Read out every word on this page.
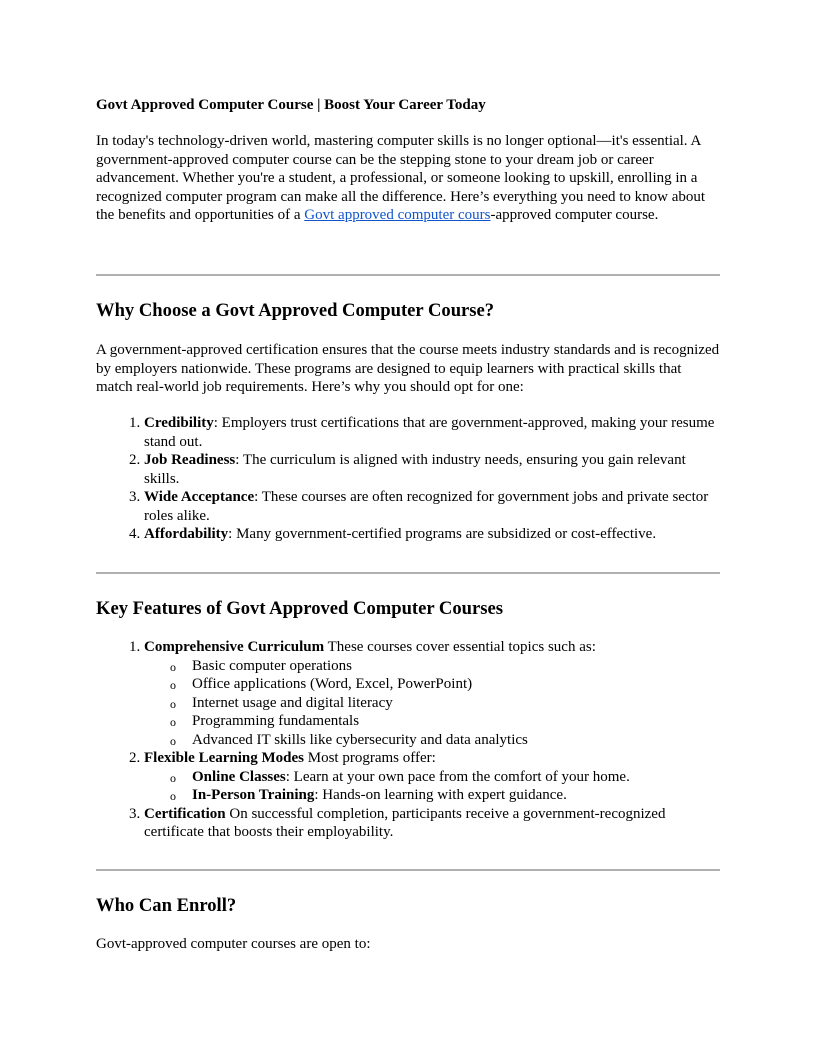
Govt Approved Computer Course | Boost Your Career Today

In today's technology-driven world, mastering computer skills is no longer optional—it's essential. A government-approved computer course can be the stepping stone to your dream job or career advancement. Whether you're a student, a professional, or someone looking to upskill, enrolling in a recognized computer program can make all the difference. Here’s everything you need to know about the benefits and opportunities of a Govt approved computer cours-approved computer course.

Why Choose a Govt Approved Computer Course?

A government-approved certification ensures that the course meets industry standards and is recognized by employers nationwide. These programs are designed to equip learners with practical skills that match real-world job requirements. Here’s why you should opt for one:

1. Credibility: Employers trust certifications that are government-approved, making your resume stand out.
2. Job Readiness: The curriculum is aligned with industry needs, ensuring you gain relevant skills.
3. Wide Acceptance: These courses are often recognized for government jobs and private sector roles alike.
4. Affordability: Many government-certified programs are subsidized or cost-effective.
Key Features of Govt Approved Computer Courses
1. Comprehensive Curriculum These courses cover essential topics such as:
o Basic computer operations
o Office applications (Word, Excel, PowerPoint)
o Internet usage and digital literacy
o Programming fundamentals
o Advanced IT skills like cybersecurity and data analytics
2. Flexible Learning Modes Most programs offer:
o Online Classes: Learn at your own pace from the comfort of your home.
o In-Person Training: Hands-on learning with expert guidance.
3. Certification On successful completion, participants receive a government-recognized certificate that boosts their employability.
Who Can Enroll?

Govt-approved computer courses are open to:
